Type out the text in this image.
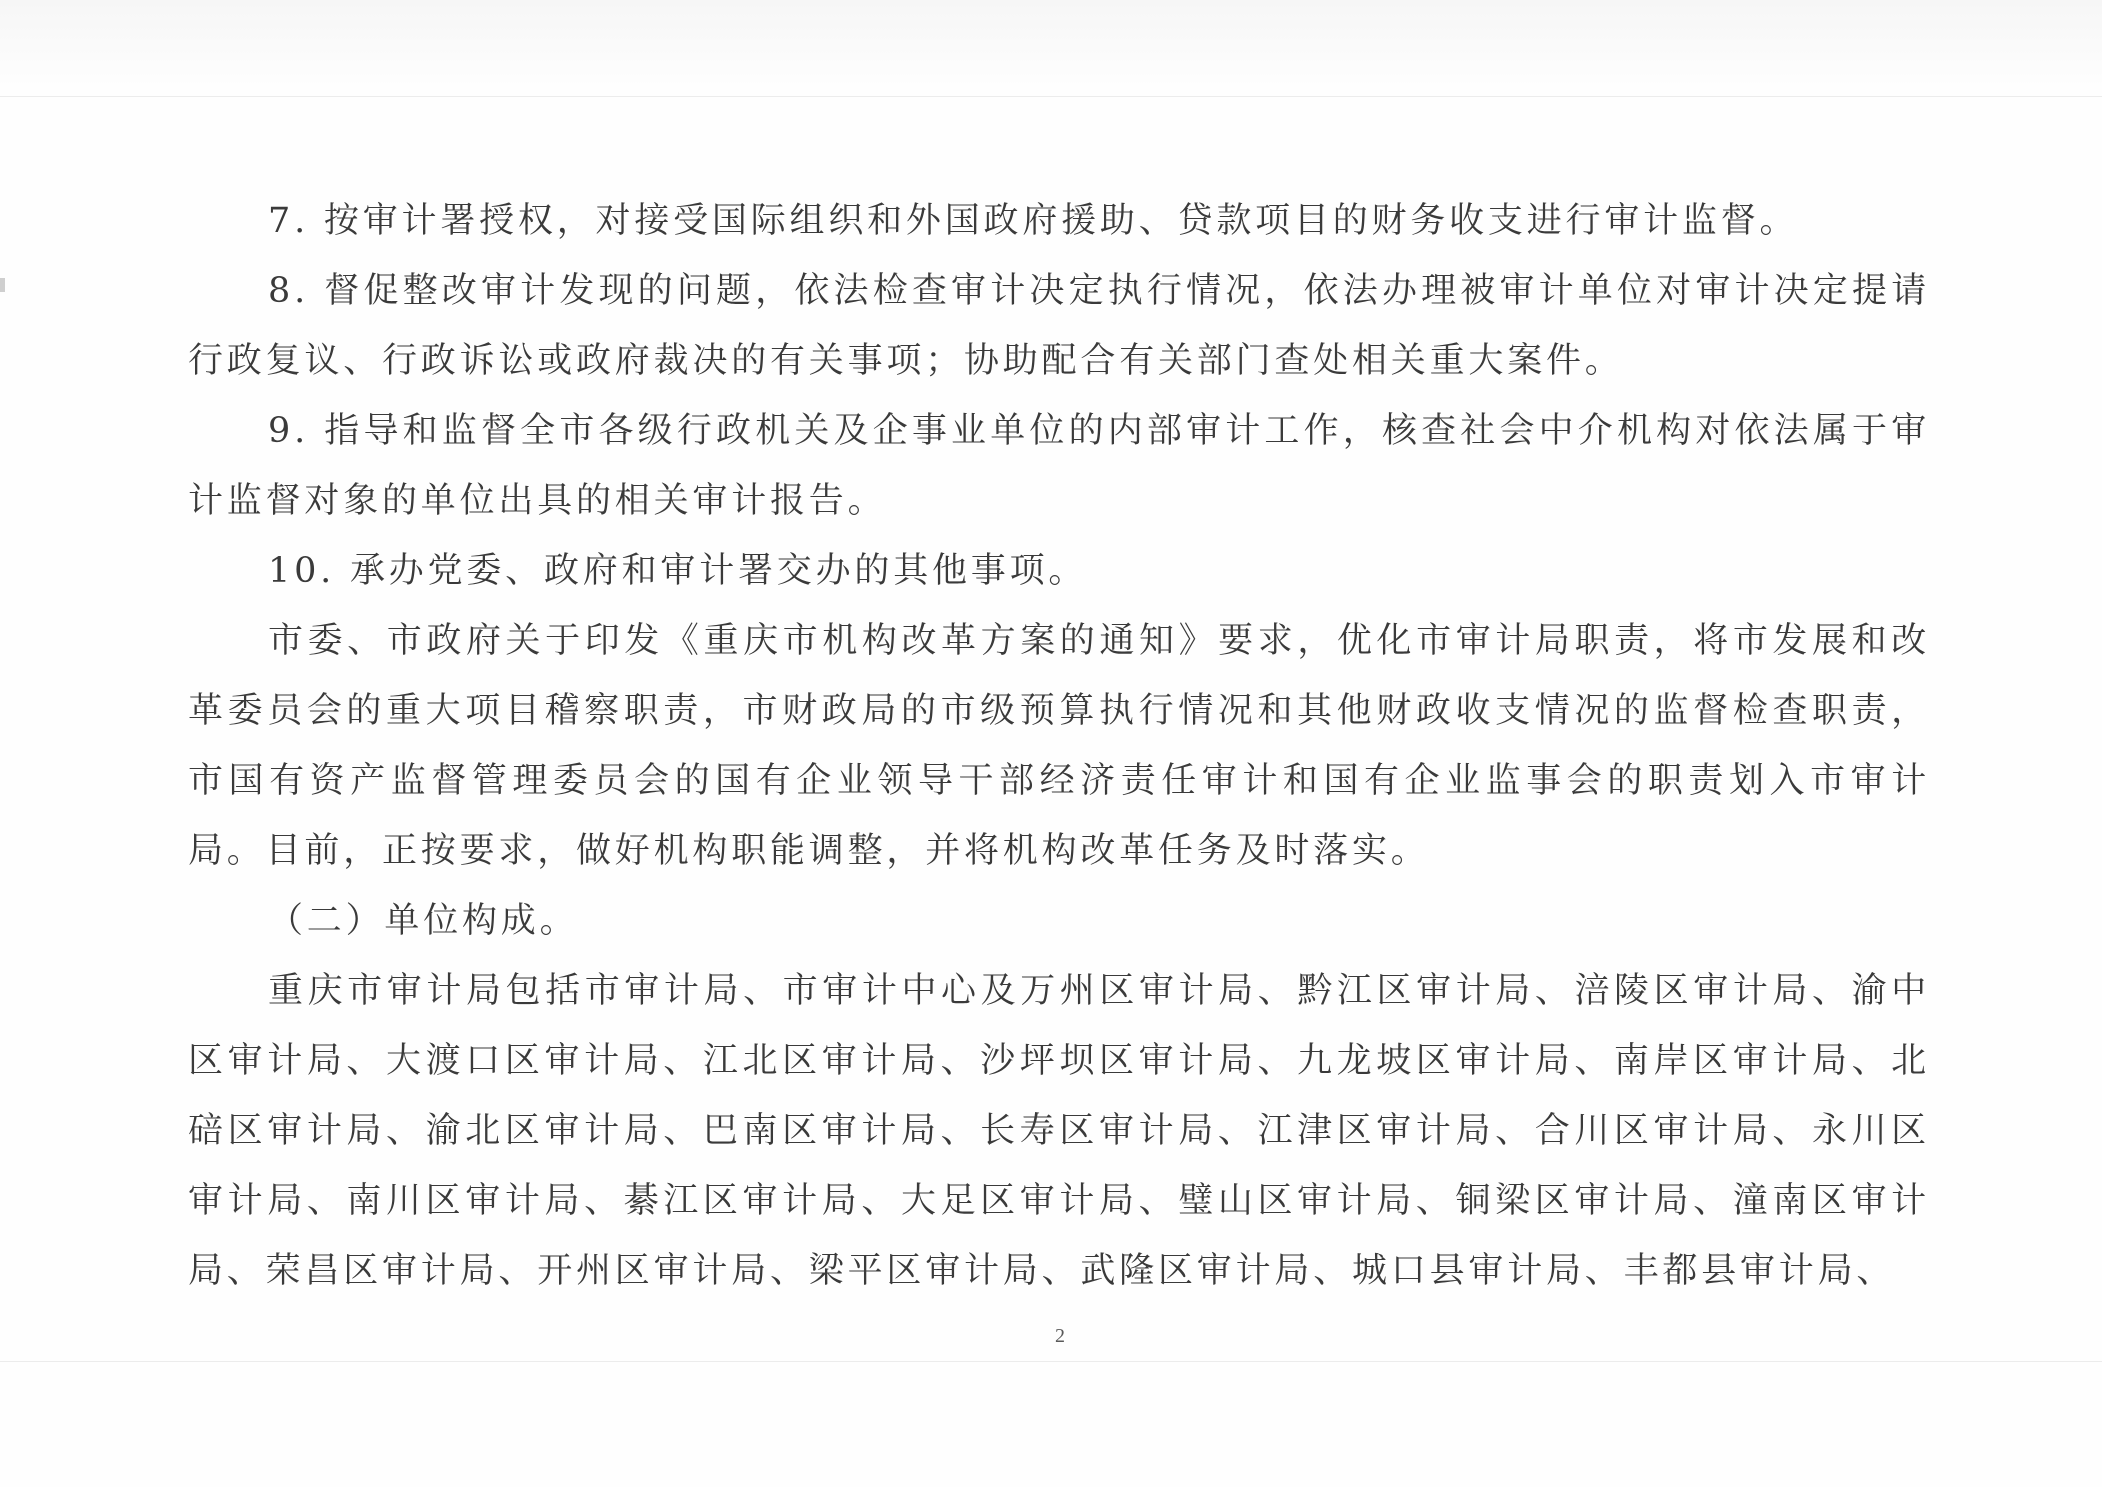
7. 按审计署授权，对接受国际组织和外国政府援助、贷款项目的财务收支进行审计监督。

8. 督促整改审计发现的问题，依法检查审计决定执行情况，依法办理被审计单位对审计决定提请行政复议、行政诉讼或政府裁决的有关事项；协助配合有关部门查处相关重大案件。

9. 指导和监督全市各级行政机关及企事业单位的内部审计工作，核查社会中介机构对依法属于审计监督对象的单位出具的相关审计报告。

10. 承办党委、政府和审计署交办的其他事项。

市委、市政府关于印发《重庆市机构改革方案的通知》要求，优化市审计局职责，将市发展和改革委员会的重大项目稽察职责，市财政局的市级预算执行情况和其他财政收支情况的监督检查职责，市国有资产监督管理委员会的国有企业领导干部经济责任审计和国有企业监事会的职责划入市审计局。目前，正按要求，做好机构职能调整，并将机构改革任务及时落实。

（二）单位构成。

重庆市审计局包括市审计局、市审计中心及万州区审计局、黔江区审计局、涪陵区审计局、渝中区审计局、大渡口区审计局、江北区审计局、沙坪坝区审计局、九龙坡区审计局、南岸区审计局、北碚区审计局、渝北区审计局、巴南区审计局、长寿区审计局、江津区审计局、合川区审计局、永川区审计局、南川区审计局、綦江区审计局、大足区审计局、璧山区审计局、铜梁区审计局、潼南区审计局、荣昌区审计局、开州区审计局、梁平区审计局、武隆区审计局、城口县审计局、丰都县审计局、

2
